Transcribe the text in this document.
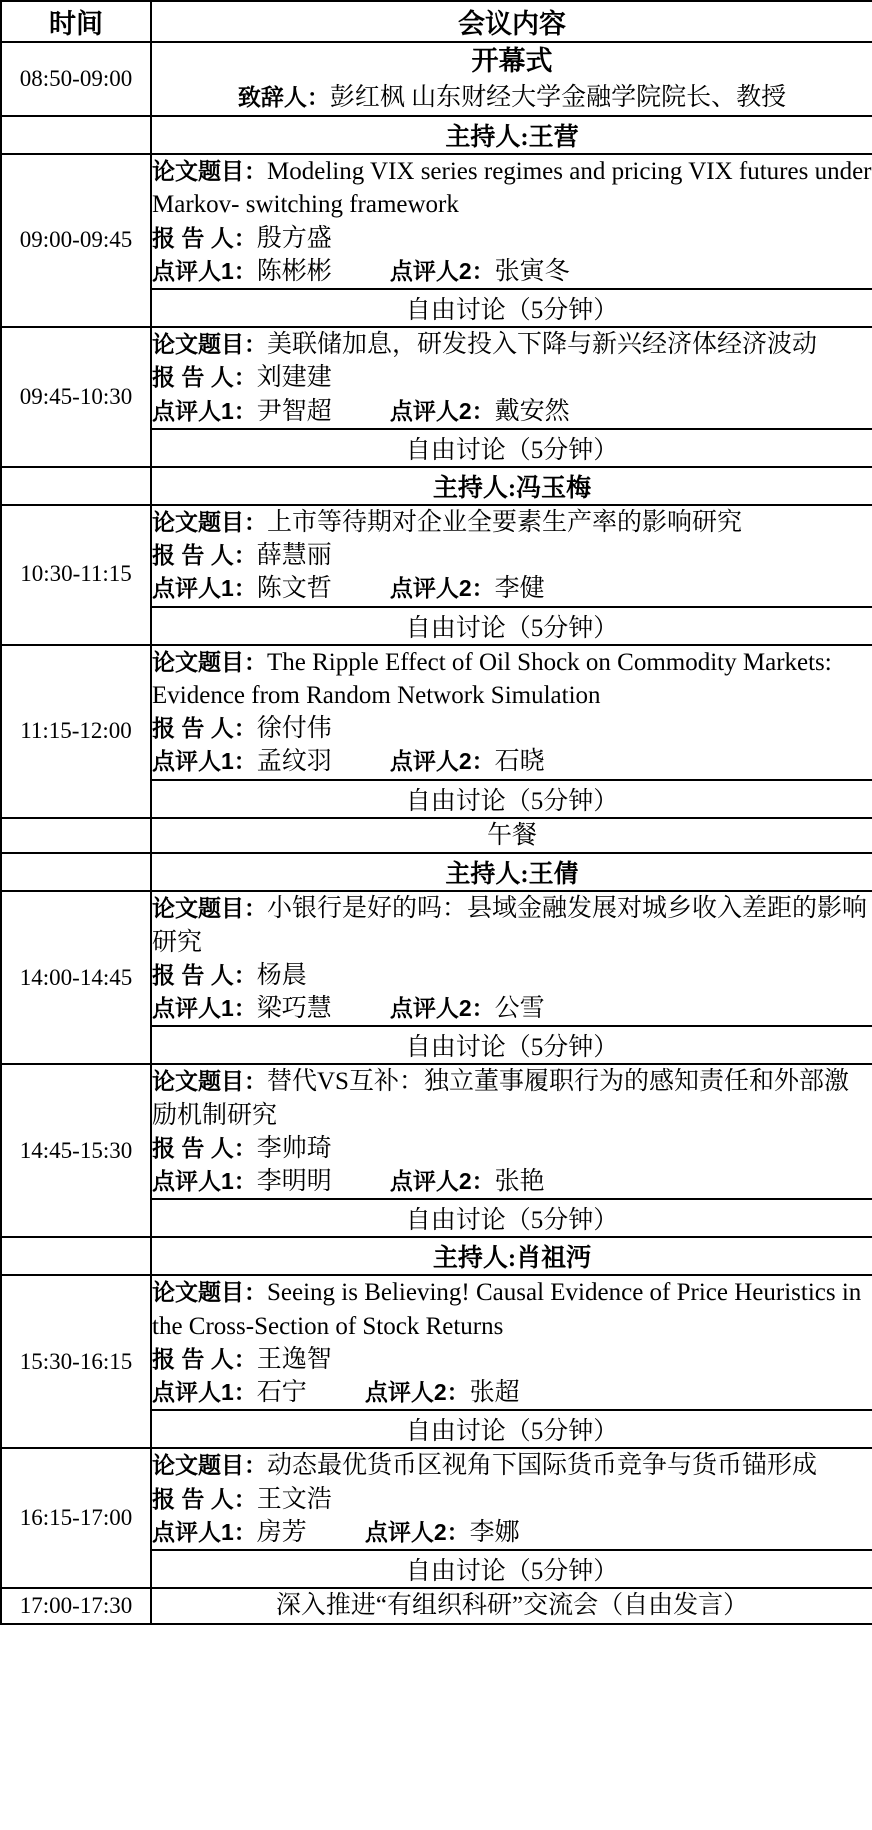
时间	会议内容
08:50-09:00	开幕式
致辞人：彭红枫 山东财经大学金融学院院长、教授

	主持人:王营
09:00-09:45	论文题目：Modeling VIX series regimes and pricing VIX futures under Markov- switching framework
报 告 人：殷方盛
点评人1：陈彬彬 点评人2：张寅冬

	自由讨论（5分钟）
09:45-10:30	论文题目：美联储加息，研发投入下降与新兴经济体经济波动
报 告 人：刘建建
点评人1：尹智超 点评人2：戴安然

	自由讨论（5分钟）
	主持人:冯玉梅
10:30-11:15	论文题目：上市等待期对企业全要素生产率的影响研究
报 告 人：薛慧丽
点评人1：陈文哲 点评人2：李健

	自由讨论（5分钟）
11:15-12:00	论文题目：The Ripple Effect of Oil Shock on Commodity Markets: Evidence from Random Network Simulation
报 告 人：徐付伟
点评人1：孟纹羽 点评人2：石晓

	自由讨论（5分钟）
	午餐
	主持人:王倩
14:00-14:45	论文题目：小银行是好的吗：县域金融发展对城乡收入差距的影响研究
报 告 人：杨晨
点评人1：梁巧慧 点评人2：公雪

	自由讨论（5分钟）
14:45-15:30	论文题目：替代VS互补：独立董事履职行为的感知责任和外部激励机制研究
报 告 人：李帅琦
点评人1：李明明 点评人2：张艳

	自由讨论（5分钟）
	主持人:肖祖沔
15:30-16:15	论文题目：Seeing is Believing! Causal Evidence of Price Heuristics in the Cross-Section of Stock Returns
报 告 人：王逸智
点评人1：石宁 点评人2：张超

	自由讨论（5分钟）
16:15-17:00	论文题目：动态最优货币区视角下国际货币竞争与货币锚形成
报 告 人：王文浩
点评人1：房芳 点评人2：李娜

	自由讨论（5分钟）
17:00-17:30	深入推进“有组织科研”交流会（自由发言）
